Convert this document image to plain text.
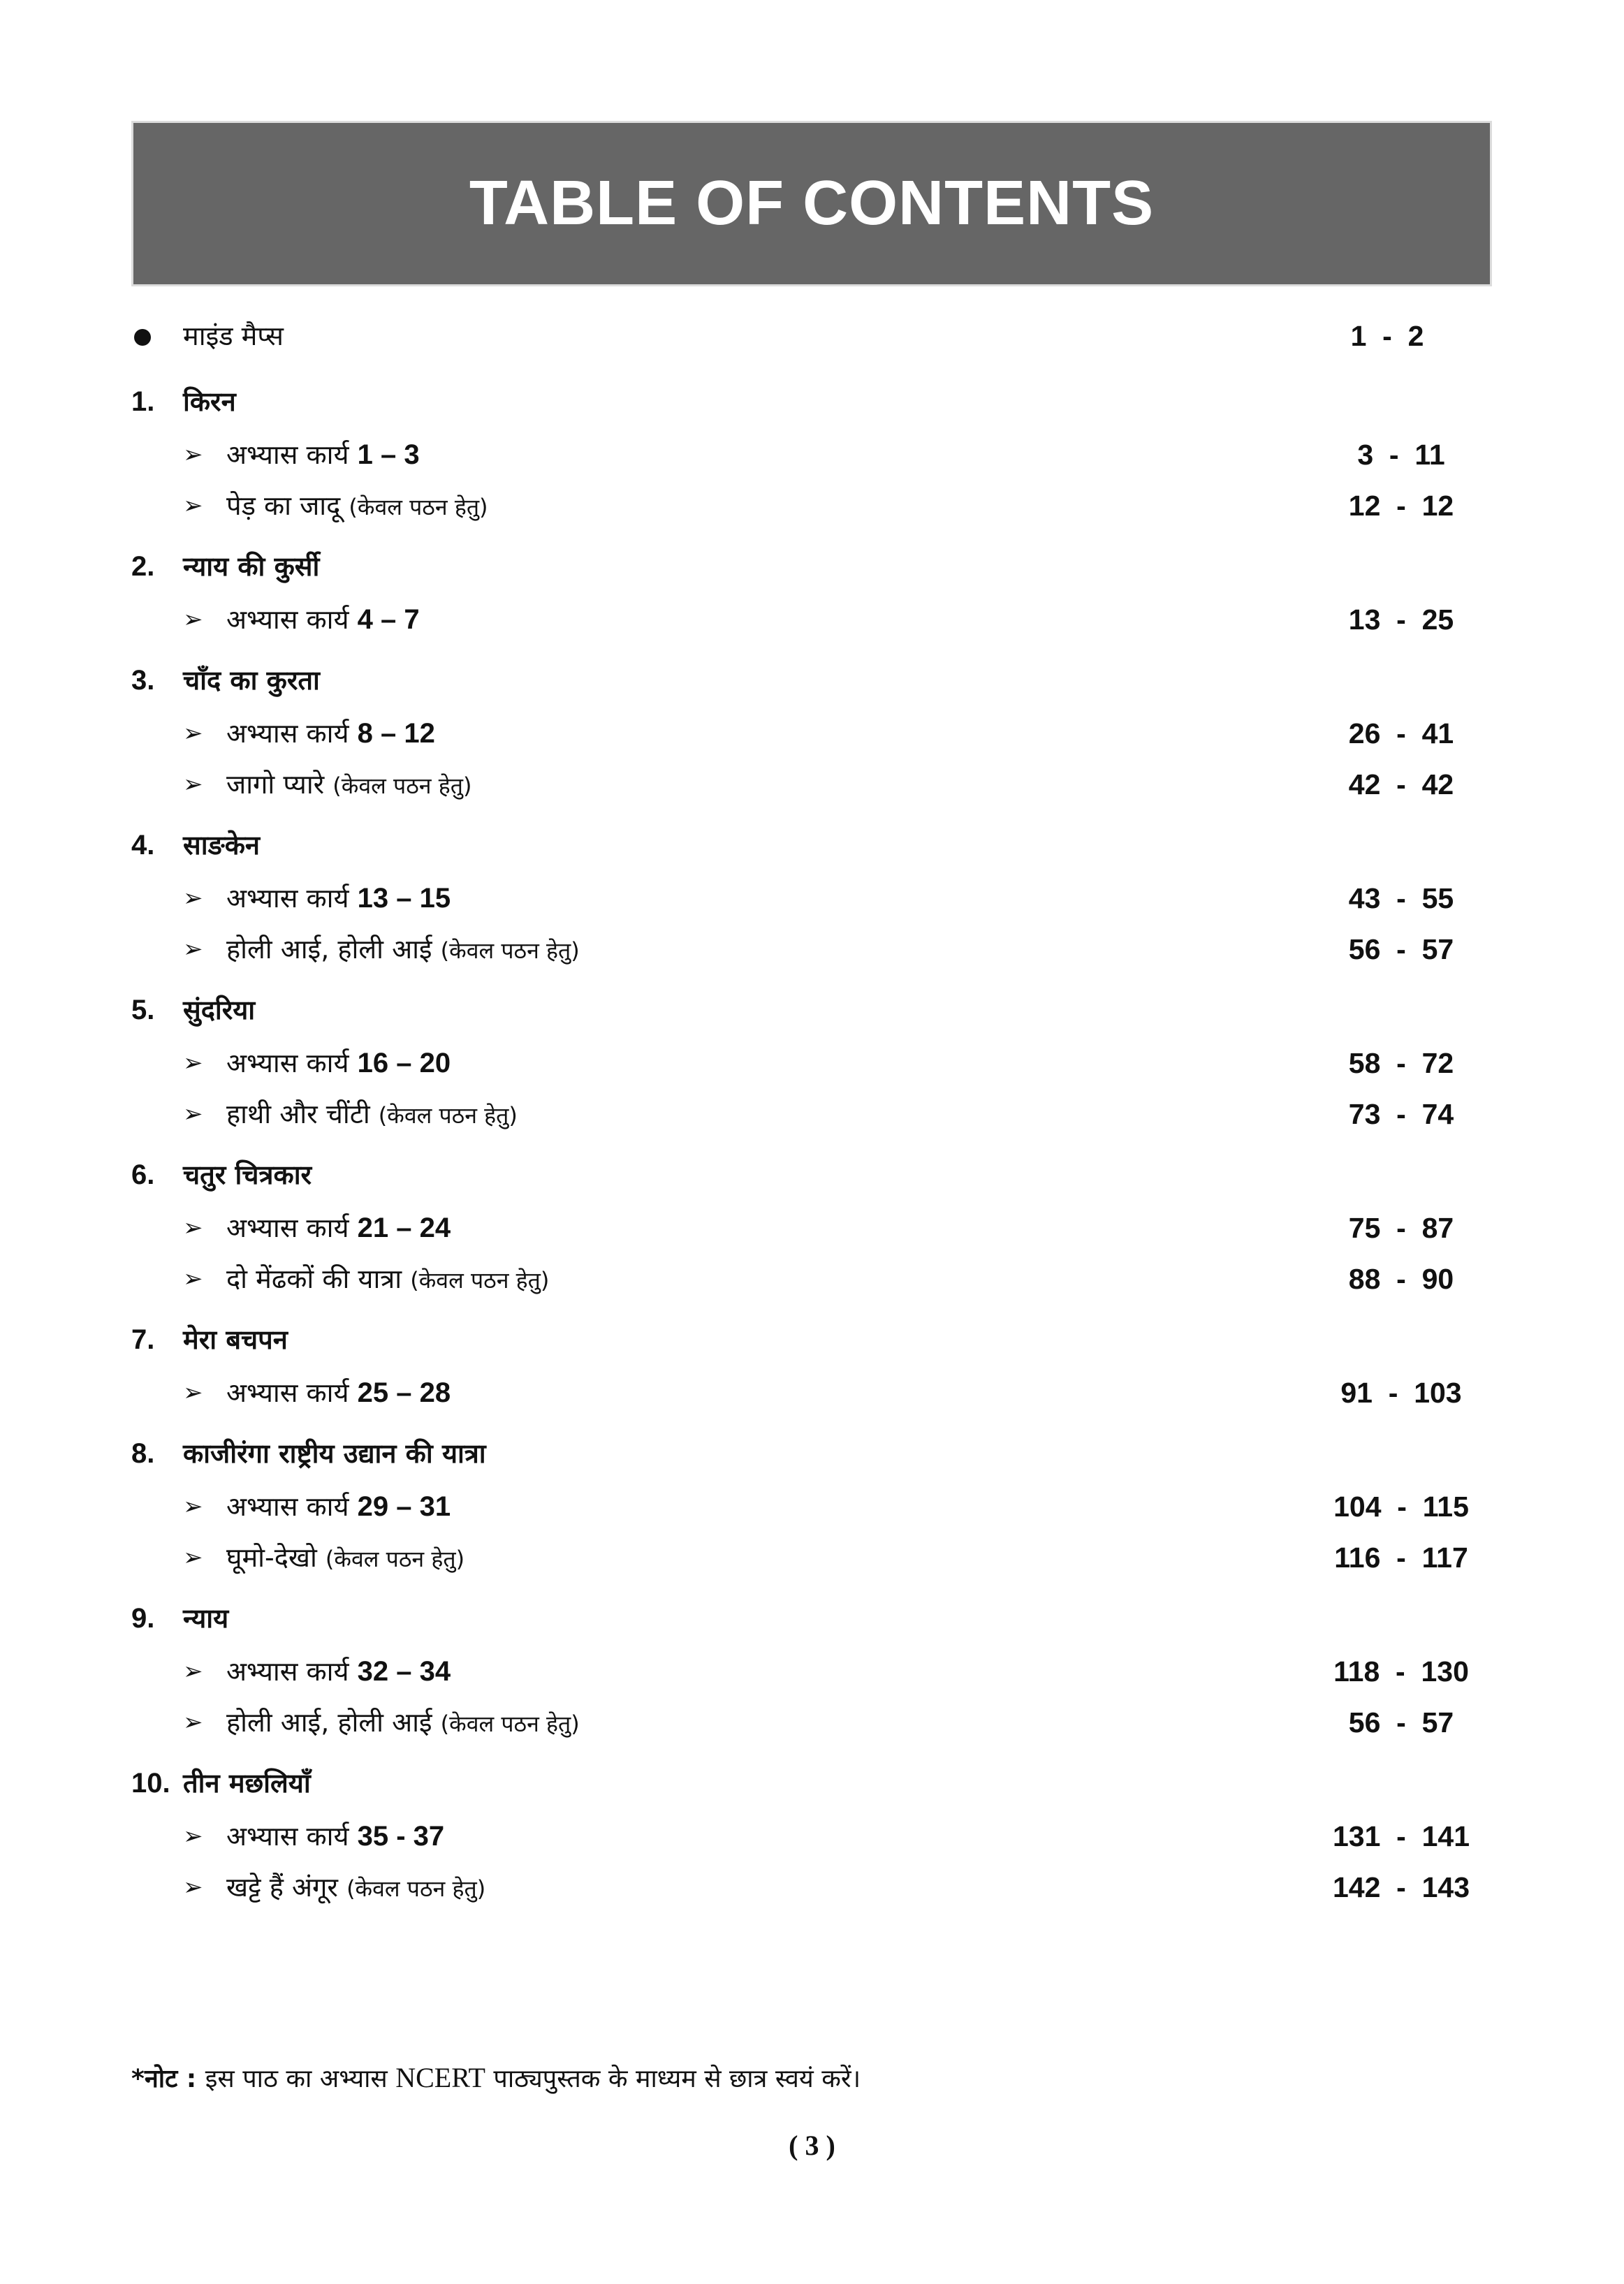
TABLE OF CONTENTS
माइंड मैप्स	1  -  2
1. किरन
➢ अभ्यास कार्य 1 – 3	3  -  11
➢ पेड़ का जादू (केवल पठन हेतु)	12  -  12
2. न्याय की कुर्सी
➢ अभ्यास कार्य 4 – 7	13  -  25
3. चाँद का कुरता
➢ अभ्यास कार्य 8 – 12	26  -  41
➢ जागो प्यारे (केवल पठन हेतु)	42  -  42
4. साङकेन
➢ अभ्यास कार्य 13 – 15	43  -  55
➢ होली आई, होली आई (केवल पठन हेतु)	56  -  57
5. सुंदरिया
➢ अभ्यास कार्य 16 – 20	58  -  72
➢ हाथी और चींटी (केवल पठन हेतु)	73  -  74
6. चतुर चित्रकार
➢ अभ्यास कार्य 21 – 24	75  -  87
➢ दो मेंढकों की यात्रा (केवल पठन हेतु)	88  -  90
7. मेरा बचपन
➢ अभ्यास कार्य 25 – 28	91  -  103
8. काजीरंगा राष्ट्रीय उद्यान की यात्रा
➢ अभ्यास कार्य 29 – 31	104  -  115
➢ घूमो-देखो (केवल पठन हेतु)	116  -  117
9. न्याय
➢ अभ्यास कार्य 32 – 34	118  -  130
➢ होली आई, होली आई (केवल पठन हेतु)	56  -  57
10. तीन मछलियाँ
➢ अभ्यास कार्य 35 - 37	131  -  141
➢ खट्टे हैं अंगूर (केवल पठन हेतु)	142  -  143
*नोट : इस पाठ का अभ्यास NCERT पाठ्यपुस्तक के माध्यम से छात्र स्वयं करें।
( 3 )
